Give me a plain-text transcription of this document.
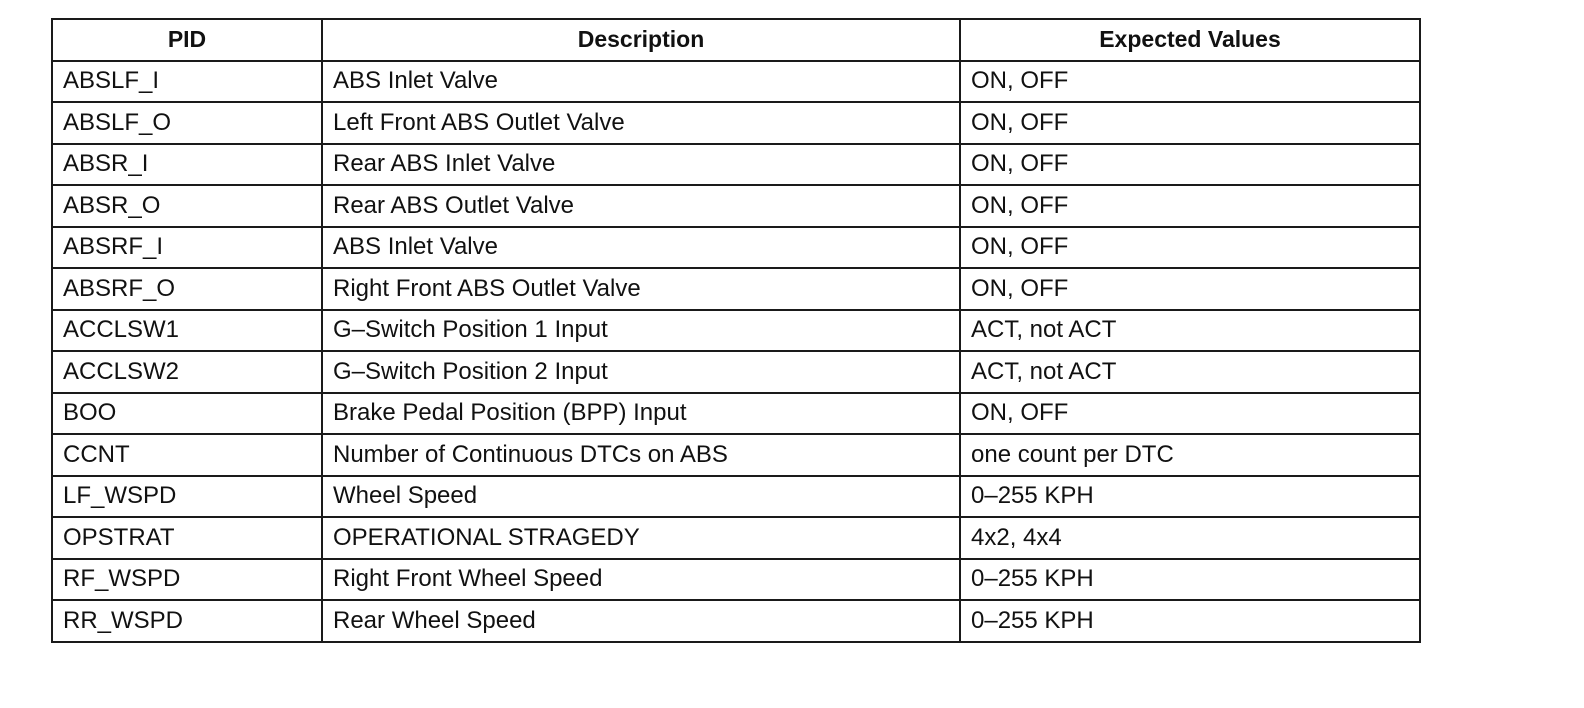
PID	Description	Expected Values
ABSLF_I	ABS Inlet Valve	ON, OFF
ABSLF_O	Left Front ABS Outlet Valve	ON, OFF
ABSR_I	Rear ABS Inlet Valve	ON, OFF
ABSR_O	Rear ABS Outlet Valve	ON, OFF
ABSRF_I	ABS Inlet Valve	ON, OFF
ABSRF_O	Right Front ABS Outlet Valve	ON, OFF
ACCLSW1	G–Switch Position 1 Input	ACT, not ACT
ACCLSW2	G–Switch Position 2 Input	ACT, not ACT
BOO	Brake Pedal Position (BPP) Input	ON, OFF
CCNT	Number of Continuous DTCs on ABS	one count per DTC
LF_WSPD	Wheel Speed	0–255 KPH
OPSTRAT	OPERATIONAL STRAGEDY	4x2, 4x4
RF_WSPD	Right Front Wheel Speed	0–255 KPH
RR_WSPD	Rear Wheel Speed	0–255 KPH
